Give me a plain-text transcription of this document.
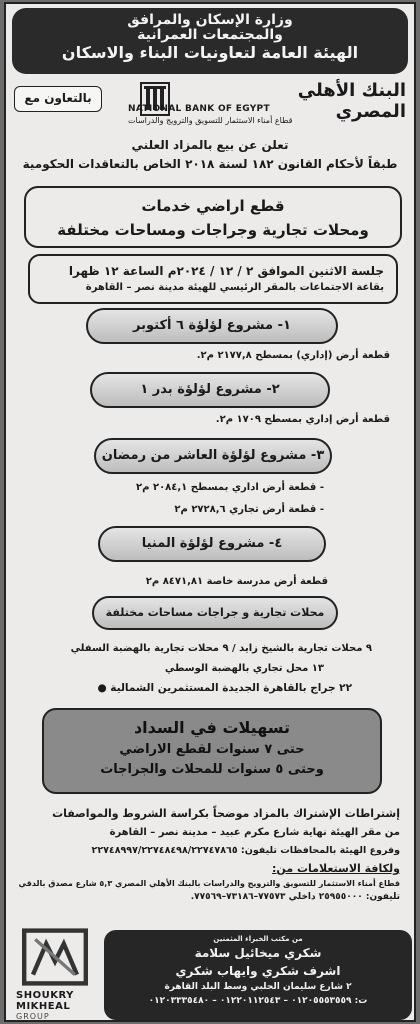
وزارة الإسكان والمرافق
والمجتمعات العمرانية
الهيئة العامة لتعاونيات البناء والاسكان
بالتعاون مع	البنك الأهلي المصري
NATIONAL BANK OF EGYPT
قطاع أمناء الاستثمار للتسويق والترويج والدراسات
تعلن عن بيع بالمزاد العلني
طبقاً لأحكام القانون ١٨٢ لسنة ٢٠١٨ الخاص بالتعاقدات الحكومية
قطع اراضي خدمات
ومحلات تجارية وجراجات ومساحات مختلفة
جلسة الاثنين الموافق ٢ / ١٢ / ٢٠٢٤م الساعة ١٢ ظهرا
بقاعة الاجتماعات بالمقر الرئيسي للهيئة مدينة نصر – القاهرة
١- مشروع لؤلؤة ٦ أكتوبر
قطعة أرض (إداري) بمسطح ٢١٧٧,٨ م٢.
٢- مشروع لؤلؤة بدر ١
قطعة أرض إداري بمسطح ١٧٠٩ م٢.
٣- مشروع لؤلؤة العاشر من رمضان
- قطعة أرض اداري بمسطح ٢٠٨٤,١ م٢
- قطعة أرض تجاري ٢٧٢٨,٦ م٢
٤- مشروع لؤلؤة المنيا
قطعة أرض مدرسة خاصة ٨٤٧١,٨١ م٢
محلات تجارية و جراجات مساحات مختلفة
٩ محلات تجارية بالشيخ زايد / ٩ محلات تجارية بالهضبة السفلي
١٣ محل تجاري بالهضبة الوسطي
٢٢ جراج بالقاهرة الجديدة المستثمرين الشمالية ●
تسهيلات في السداد
حتى ٧ سنوات لقطع الاراضي
وحتى ٥ سنوات للمحلات والجراجات
إشتراطات الإشتراك بالمزاد موضحاً بكراسة الشروط والمواصفات
من مقر الهيئة نهاية شارع مكرم عبيد – مدينة نصر – القاهرة
وفروع الهيئة بالمحافظات تليفون: ٢٢٧٤٨٩٩٧/٢٢٧٤٨٤٩٨/٢٢٧٤٧٨٦٥
ولكافة الاستعلامات من:
قطاع أمناء الاستثمار للتسويق والترويج والدراسات بالبنك الأهلي المصري ٥,٣ شارع مصدق بالدقي
تليفون: ٢٥٩٥٥٠٠٠ داخلي ٧٧٥٧٣–٧٣١٨٦–٧٧٥٦٩.
SHOUKRY
MIKHEAL
GROUP
من مكتب الخبراء المثمنين
شكري ميخائيل سلامة
اشرف شكري وايهاب شكري
٢ شارع سليمان الحلبي وسط البلد القاهرة
ت: ٠١٢٠٥٥٥٣٥٥٩ – ٠١٢٢٠١١٢٥٤٣ – ٠١٢٠٣٣٣٥٤٨٠
